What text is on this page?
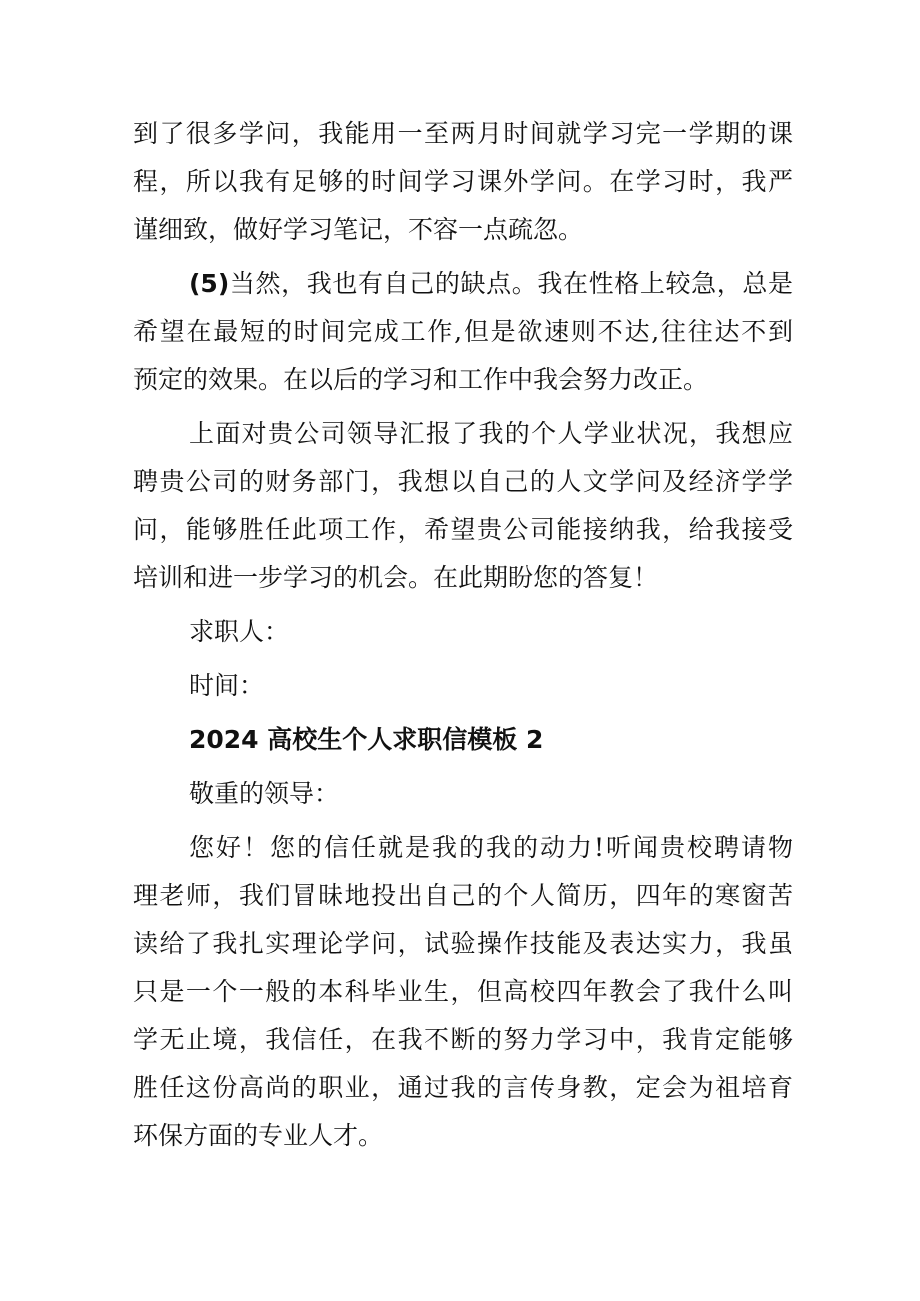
到了很多学问，我能用一至两月时间就学习完一学期的课
程，所以我有足够的时间学习课外学问。在学习时，我严
谨细致，做好学习笔记，不容一点疏忽。
(5)当然，我也有自己的缺点。我在性格上较急，总是
希望在最短的时间完成工作,但是欲速则不达,往往达不到
预定的效果。在以后的学习和工作中我会努力改正。
上面对贵公司领导汇报了我的个人学业状况，我想应
聘贵公司的财务部门，我想以自己的人文学问及经济学学
问，能够胜任此项工作，希望贵公司能接纳我，给我接受
培训和进一步学习的机会。在此期盼您的答复！
求职人：
时间：
2024 高校生个人求职信模板 2
敬重的领导：
您好！您的信任就是我的我的动力!听闻贵校聘请物
理老师，我们冒昧地投出自己的个人简历，四年的寒窗苦
读给了我扎实理论学问，试验操作技能及表达实力，我虽
只是一个一般的本科毕业生，但高校四年教会了我什么叫
学无止境，我信任，在我不断的努力学习中，我肯定能够
胜任这份高尚的职业，通过我的言传身教，定会为祖培育
环保方面的专业人才。
